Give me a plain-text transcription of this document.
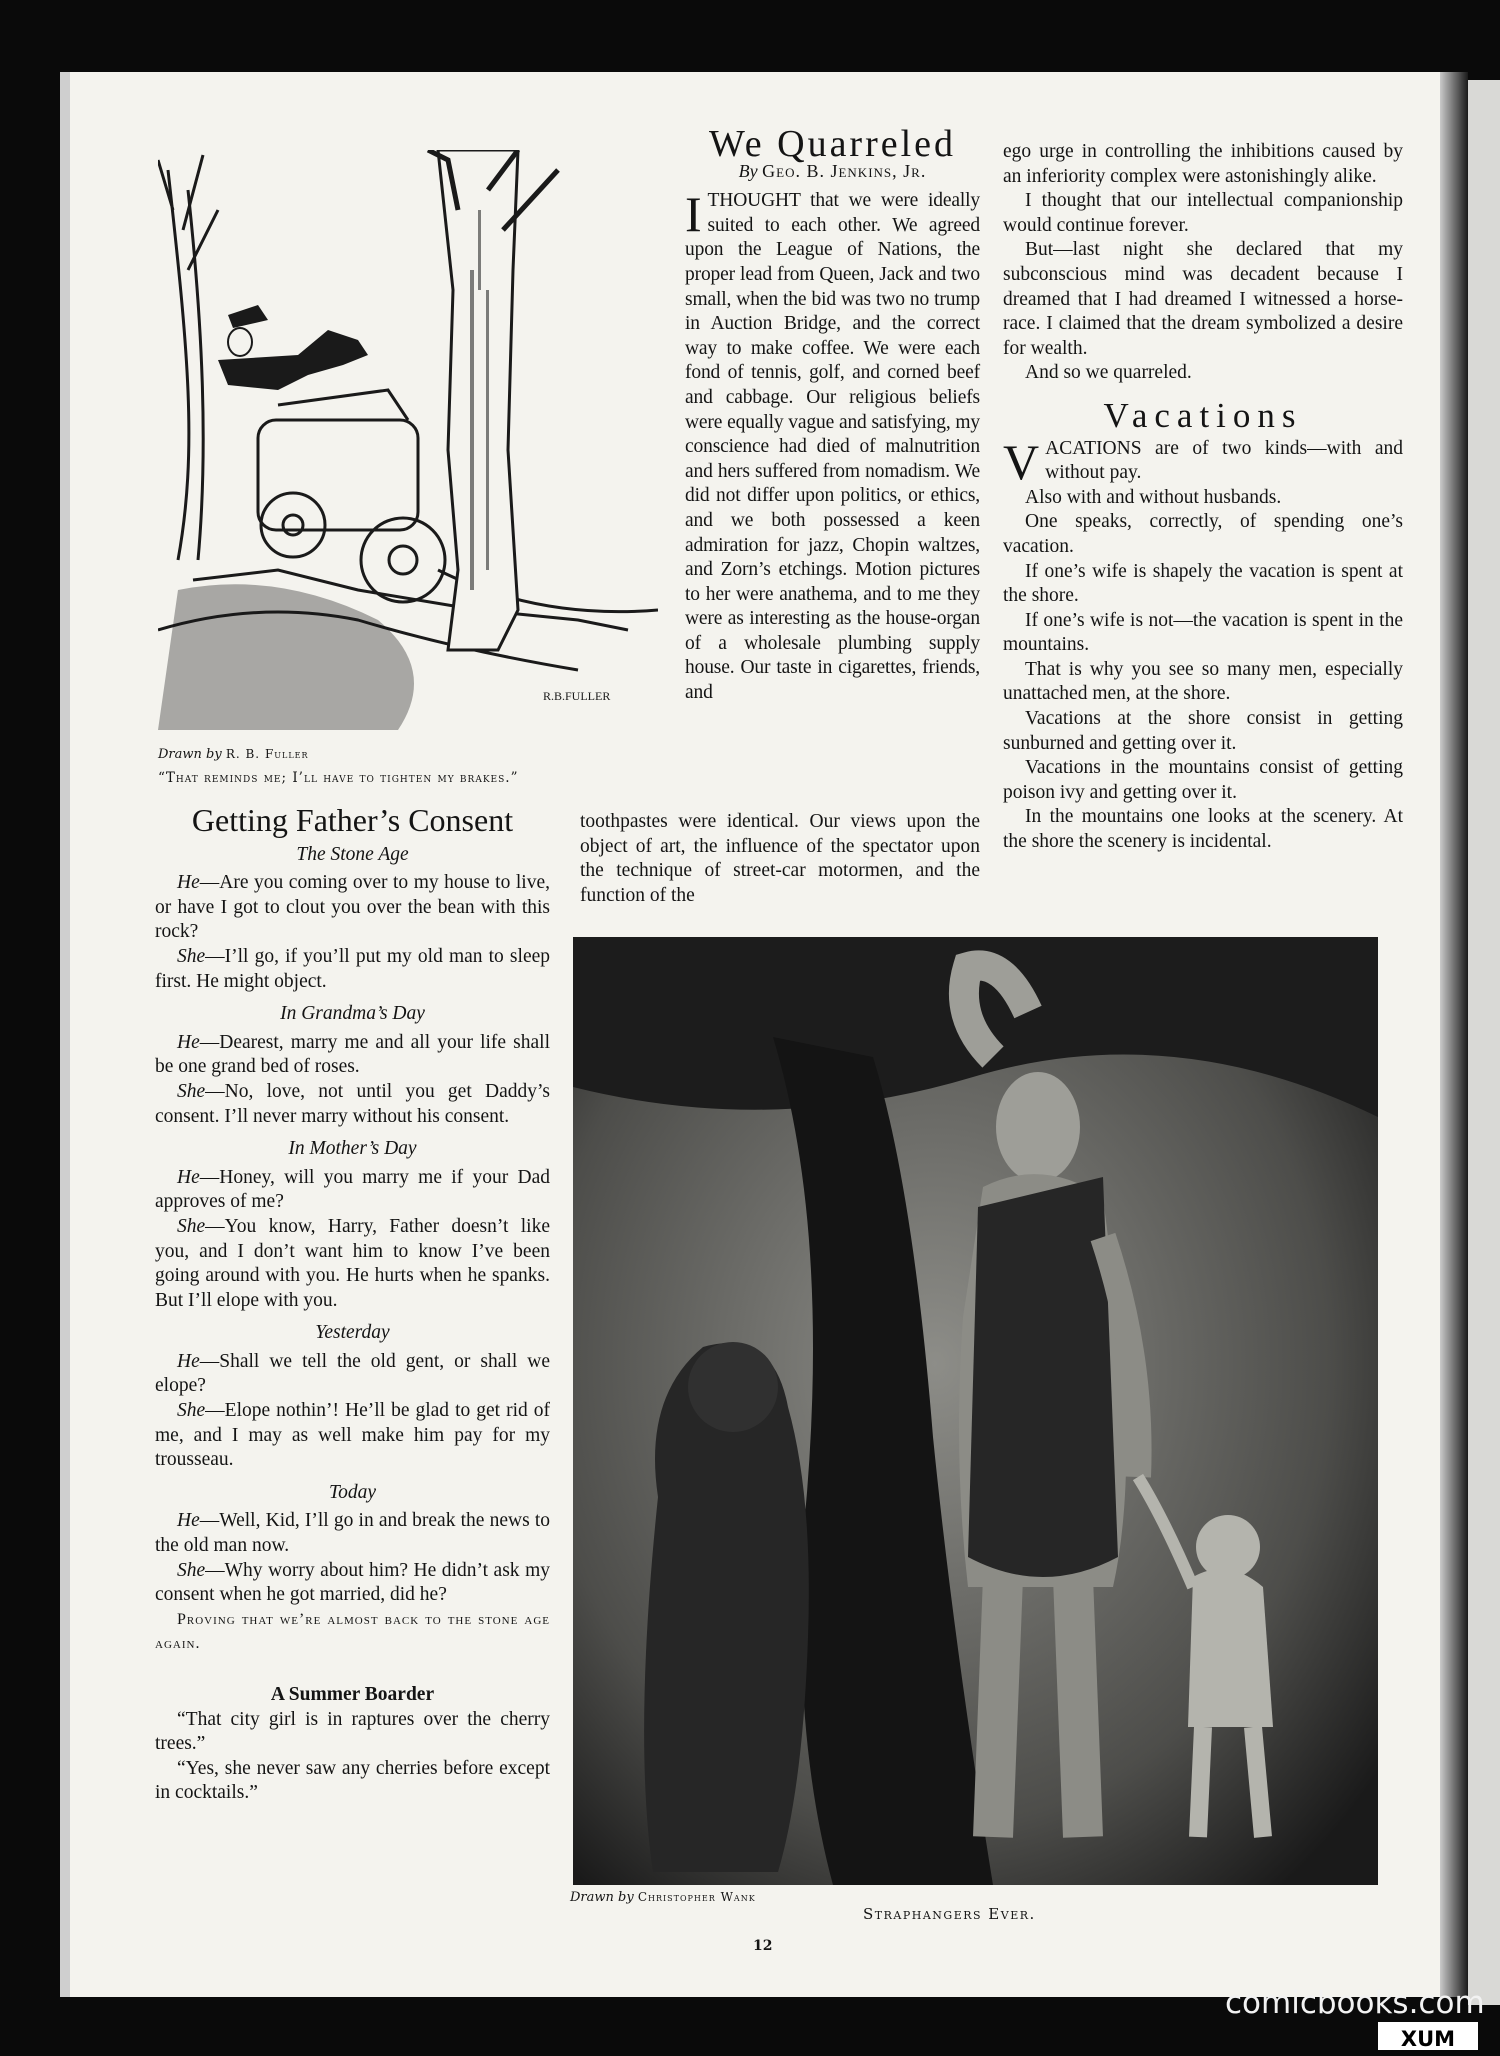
R.B.FULLER
Drawn by R. B. Fuller
“That reminds me; I’ll have to tighten my brakes.”
We Quarreled
By Geo. B. Jenkins, Jr.

ITHOUGHT that we were ideally suited to each other. We agreed upon the League of Nations, the proper lead from Queen, Jack and two small, when the bid was two no trump in Auction Bridge, and the correct way to make coffee. We were each fond of tennis, golf, and corned beef and cabbage. Our religious beliefs were equally vague and satisfying, my conscience had died of malnutrition and hers suffered from nomadism. We did not differ upon politics, or ethics, and we both possessed a keen admiration for jazz, Chopin waltzes, and Zorn’s etchings. Motion pictures to her were anathema, and to me they were as interesting as the house-organ of a wholesale plumbing supply house. Our taste in cigarettes, friends, and

toothpastes were identical. Our views upon the object of art, the influence of the spectator upon the technique of street-car motormen, and the function of the

ego urge in controlling the inhibitions caused by an inferiority complex were astonishingly alike.

I thought that our intellectual companionship would continue forever.

But—last night she declared that my subconscious mind was decadent because I dreamed that I had dreamed I witnessed a horse-race. I claimed that the dream symbolized a desire for wealth.

And so we quarreled.

Vacations

VACATIONS are of two kinds—with and without pay.

Also with and without husbands.

One speaks, correctly, of spending one’s vacation.

If one’s wife is shapely the vacation is spent at the shore.

If one’s wife is not—the vacation is spent in the mountains.

That is why you see so many men, especially unattached men, at the shore.

Vacations at the shore consist in getting sunburned and getting over it.

Vacations in the mountains consist of getting poison ivy and getting over it.

In the mountains one looks at the scenery. At the shore the scenery is incidental.

Getting Father’s Consent
The Stone Age

He—Are you coming over to my house to live, or have I got to clout you over the bean with this rock?

She—I’ll go, if you’ll put my old man to sleep first. He might object.

In Grandma’s Day

He—Dearest, marry me and all your life shall be one grand bed of roses.

She—No, love, not until you get Daddy’s consent. I’ll never marry without his consent.

In Mother’s Day

He—Honey, will you marry me if your Dad approves of me?

She—You know, Harry, Father doesn’t like you, and I don’t want him to know I’ve been going around with you. He hurts when he spanks. But I’ll elope with you.

Yesterday

He—Shall we tell the old gent, or shall we elope?

She—Elope nothin’! He’ll be glad to get rid of me, and I may as well make him pay for my trousseau.

Today

He—Well, Kid, I’ll go in and break the news to the old man now.

She—Why worry about him? He didn’t ask my consent when he got married, did he?

Proving that we’re almost back to the stone age again.

A Summer Boarder

“That city girl is in raptures over the cherry trees.”

“Yes, she never saw any cherries before except in cocktails.”

Drawn by Christopher Wank
Straphangers Ever.
12
comicbooks.com
XUM
